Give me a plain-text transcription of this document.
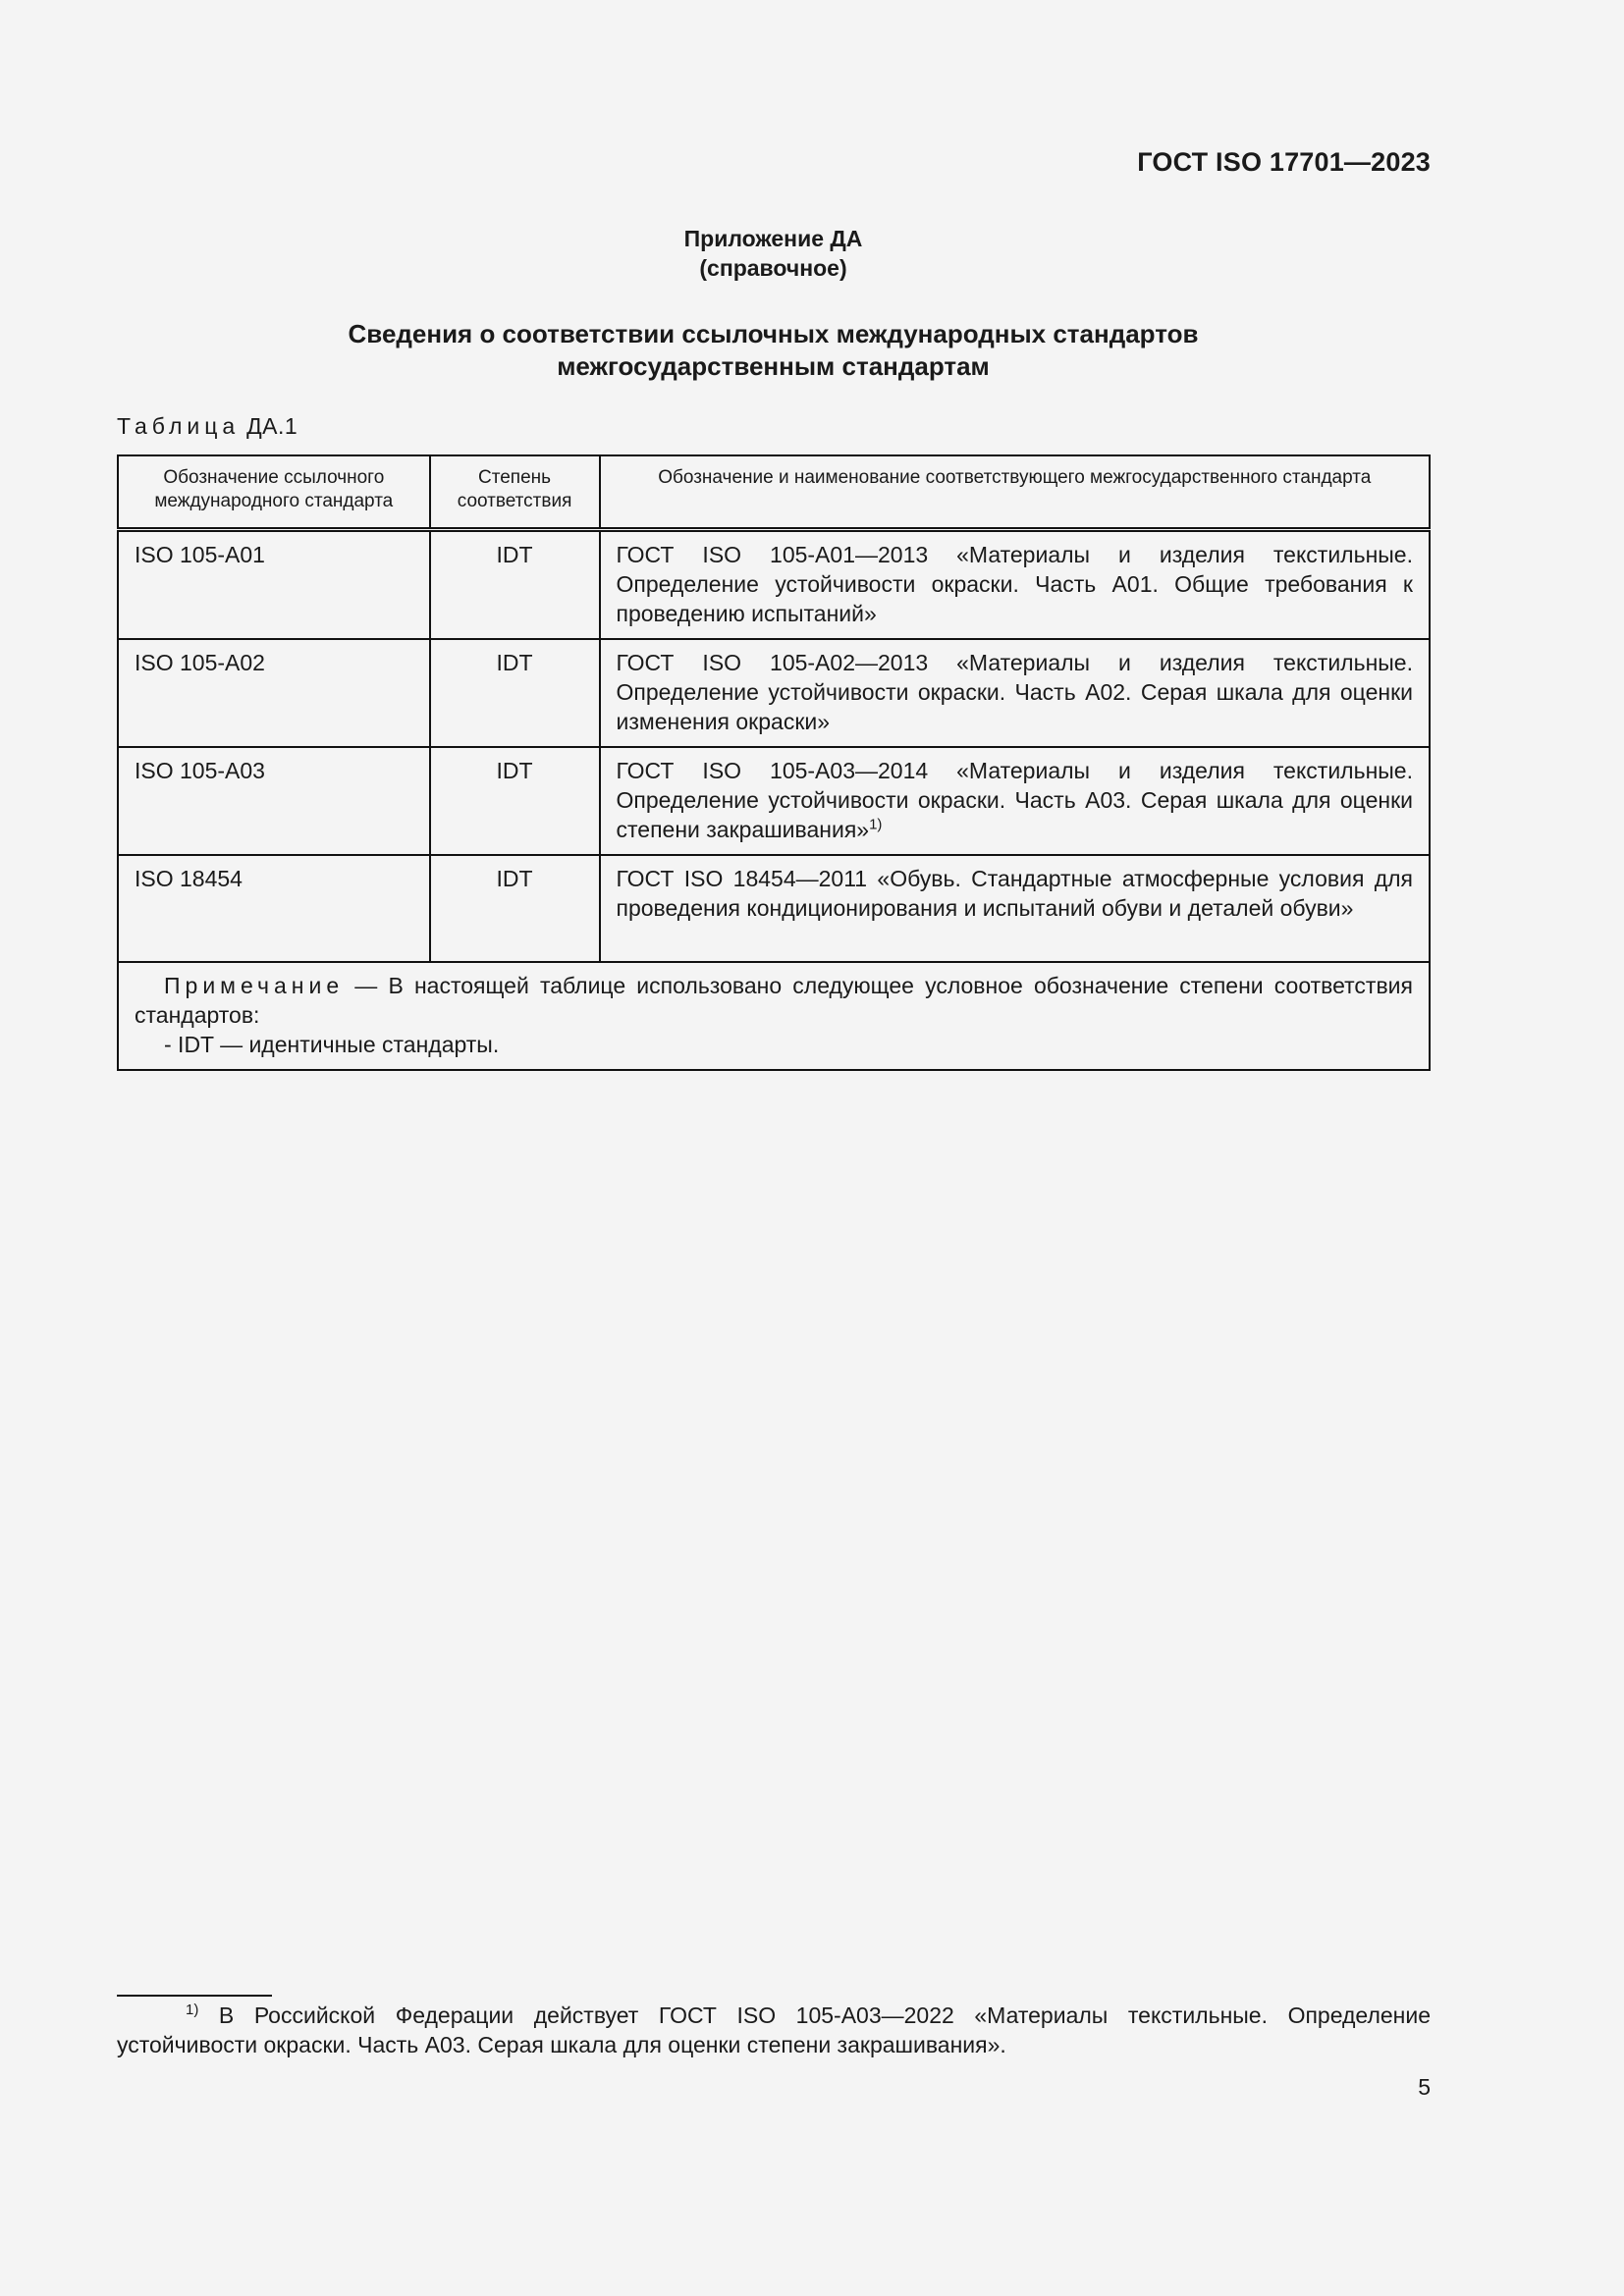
ГОСТ ISO 17701—2023
Приложение ДА
(справочное)
Сведения о соответствии ссылочных международных стандартов
межгосударственным стандартам
Таблица ДА.1
Обозначение ссылочного международного стандарта	Степень соответствия	Обозначение и наименование соответствующего межгосударственного стандарта
ISO 105-A01	IDT	ГОСТ ISO 105-A01—2013 «Материалы и изделия текстильные. Определение устойчивости окраски. Часть A01. Общие требования к проведению испытаний»
ISO 105-A02	IDT	ГОСТ ISO 105-A02—2013 «Материалы и изделия текстильные. Определение устойчивости окраски. Часть A02. Серая шкала для оценки изменения окраски»
ISO 105-A03	IDT	ГОСТ ISO 105-A03—2014 «Материалы и изделия текстильные. Определение устойчивости окраски. Часть A03. Серая шкала для оценки степени закрашивания»$^{1)}$
ISO 18454	IDT	ГОСТ ISO 18454—2011 «Обувь. Стандартные атмосферные условия для проведения кондиционирования и испытаний обуви и деталей обуви»
Примечание — В настоящей таблице использовано следующее условное обозначение степени соответствия стандартов:
- IDT — идентичные стандарты.		
$^{1)}$ В Российской Федерации действует ГОСТ ISO 105-A03—2022 «Материалы текстильные. Определение устойчивости окраски. Часть A03. Серая шкала для оценки степени закрашивания».
5
